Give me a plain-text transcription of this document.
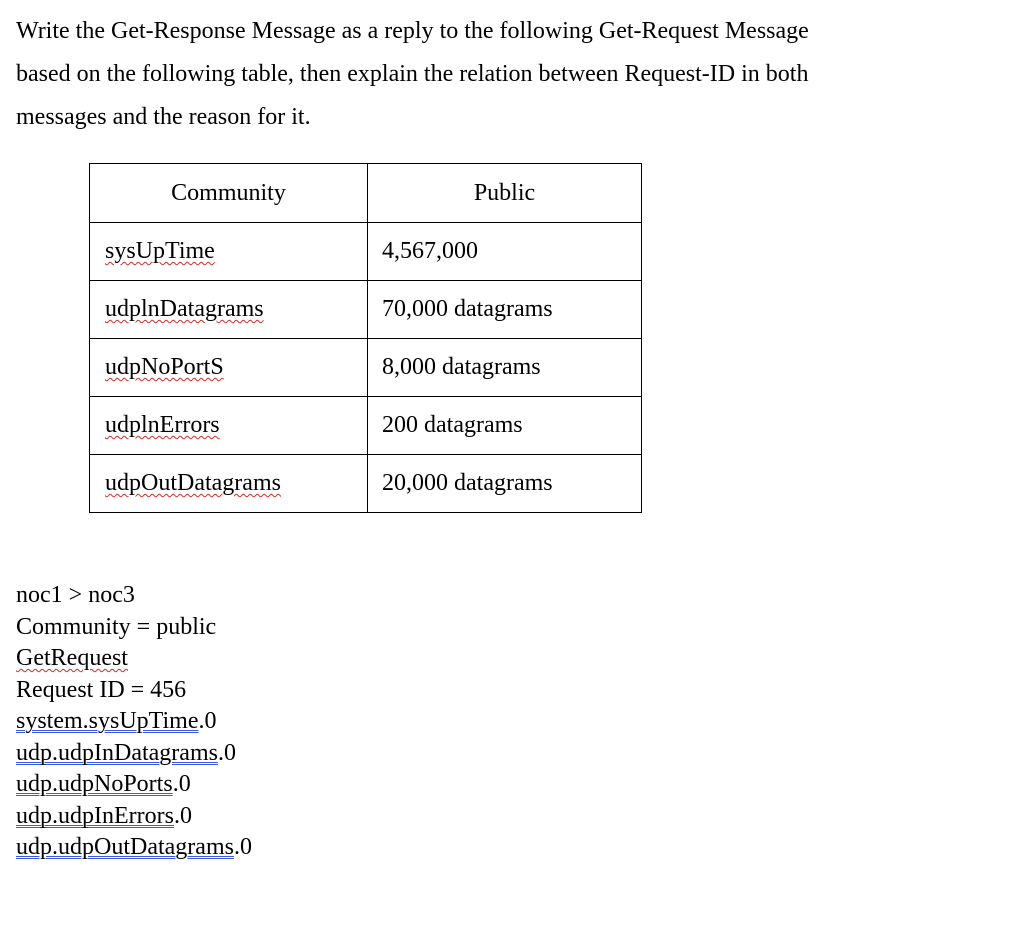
Write the Get-Response Message as a reply to the following Get-Request Message

based on the following table, then explain the relation between Request-ID in both

messages and the reason for it.

Community	Public
sysUpTime	4,567,000
udplnDatagrams	70,000 datagrams
udpNoPortS	8,000 datagrams
udplnErrors	200 datagrams
udpOutDatagrams	20,000 datagrams
noc1 > noc3
Community = public
GetRequest
Request ID = 456
system.sysUpTime.0
udp.udpInDatagrams.0
udp.udpNoPorts.0
udp.udpInErrors.0
udp.udpOutDatagrams.0
